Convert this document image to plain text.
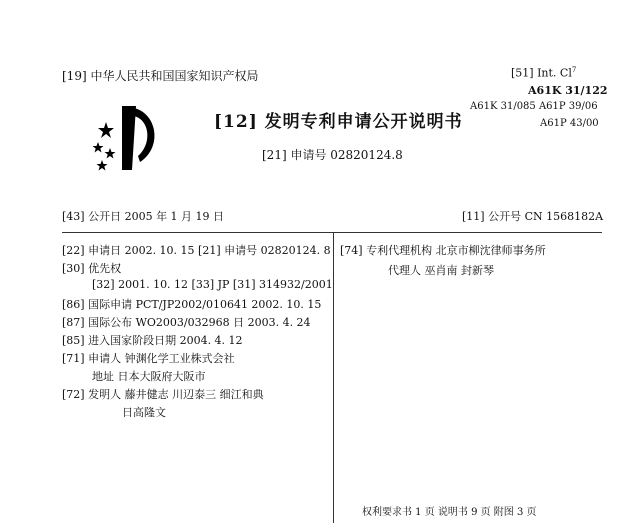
[19] 中华人民共和国国家知识产权局
[12] 发明专利申请公开说明书
[21] 申请号 02820124.8
[51] Int. Cl$^7$
A61K 31/122
A61K 31/085 A61P 39/06
A61P 43/00
[43] 公开日 2005 年 1 月 19 日	[11] 公开号 CN 1568182A
[22] 申请日 2002. 10. 15 [21] 申请号 02820124. 8
[30] 优先权
[32] 2001. 10. 12 [33] JP [31] 314932/2001
[86] 国际申请 PCT/JP2002/010641 2002. 10. 15
[87] 国际公布 WO2003/032968 日 2003. 4. 24
[85] 进入国家阶段日期 2004. 4. 12
[71] 申请人 钟渊化学工业株式会社
地址 日本大阪府大阪市
[72] 发明人 藤井健志 川辺泰三 细江和典
日高隆文
[74] 专利代理机构 北京市柳沈律师事务所
代理人 巫肖南 封新琴
权利要求书 1 页 说明书 9 页 附图 3 页
